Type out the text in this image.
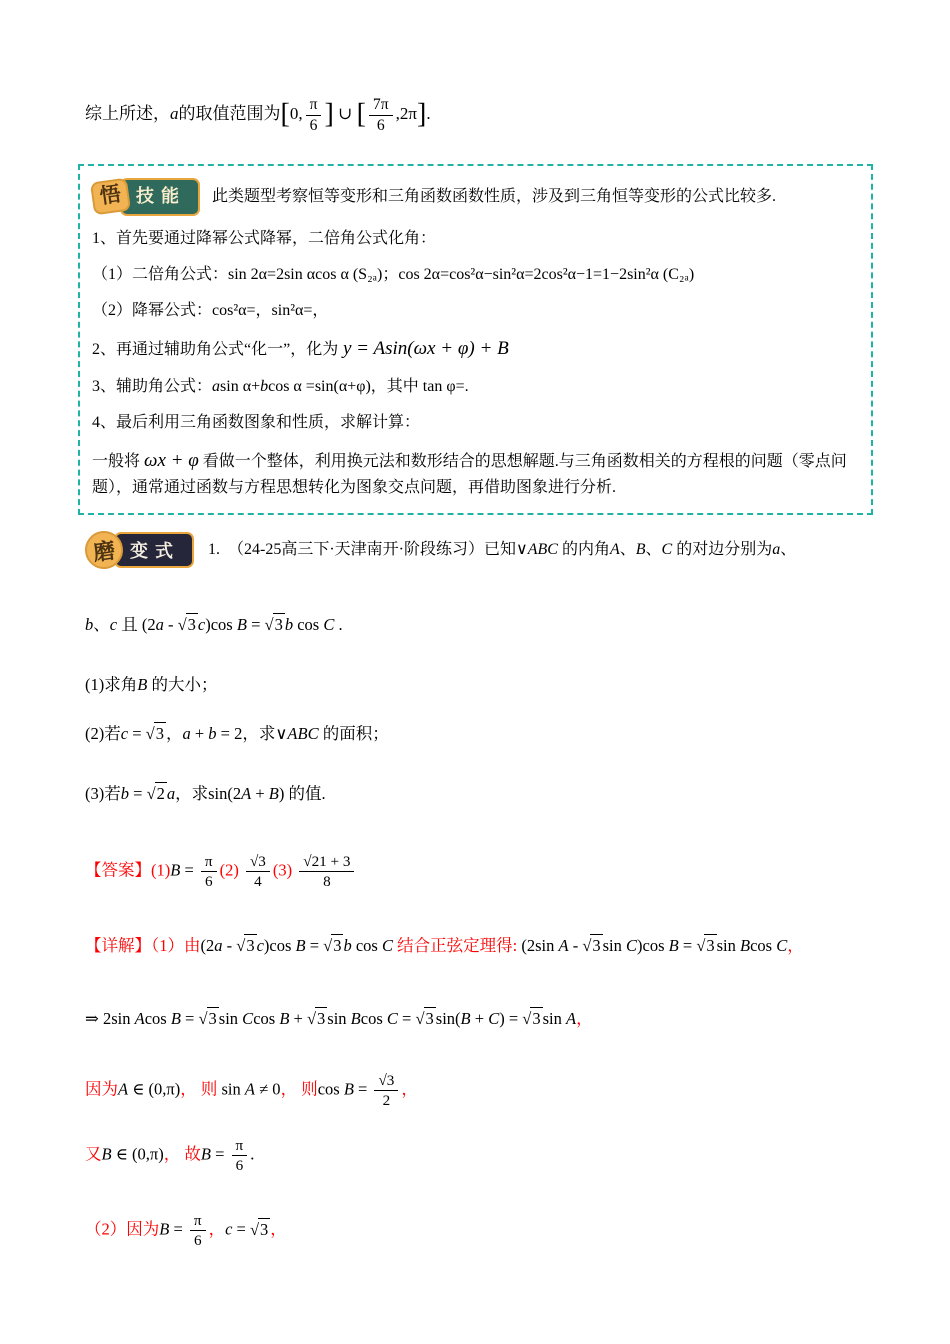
综上所述，a的取值范围为[0, $\frac{\pi}{6}$ ] ∪ [ $\frac{7\pi}{6} ,2\pi$].

悟 技能	此类题型考察恒等变形和三角函数函数性质，涉及到三角恒等变形的公式比较多.

1、首先要通过降幂公式降幂，二倍角公式化角：

（1）二倍角公式：sin 2α=2sin αcos α (S₂ₐ)；cos 2α=cos²α−sin²α=2cos²α−1=1−2sin²α (C₂ₐ)

（2）降幂公式：cos²α=，sin²α=，

2、再通过辅助角公式“化一”，化为 y = Asin(ωx + φ) + B

3、辅助角公式：asin α+bcos α =sin(α+φ)，其中 tan φ=.

4、最后利用三角函数图象和性质，求解计算：

一般将 ωx + φ 看做一个整体，利用换元法和数形结合的思想解题.与三角函数相关的方程根的问题（零点问题），通常通过函数与方程思想转化为图象交点问题，再借助图象进行分析.

磨 变式	1.  （24-25高三下·天津南开·阶段练习）已知∨ABC 的内角A、B、C 的对边分别为a、

b、c 且 (2a - √3 c)cos B = √3 b cos C .

(1)求角B 的大小；

(2)若c = √3 ，a + b = 2，求∨ABC 的面积；

(3)若b = √2 a，求sin(2A + B) 的值.

【答案】$(1)B = \frac{\pi}{6} (2) \frac{√3}{4} (3) \frac{√21 + 3}{8}$

【详解】（1）由(2a - √3 c)cos B = √3 b cos C 结合正弦定理得: (2sin A - √3 sin C)cos B = √3 sin Bcos C，

⇒ 2sin Acos B = √3 sin Ccos B + √3 sin Bcos C = √3 sin(B + C) = √3 sin A，

因为A ∈ (0,π)， 则 sin A ≠ 0， 则$\cos B = \frac{√3}{2}$ ，

又B ∈ (0,π)， 故$B = \frac{\pi}{6}$ .

（2）因为$B = \frac{\pi}{6}$ ，c = √3 ，
